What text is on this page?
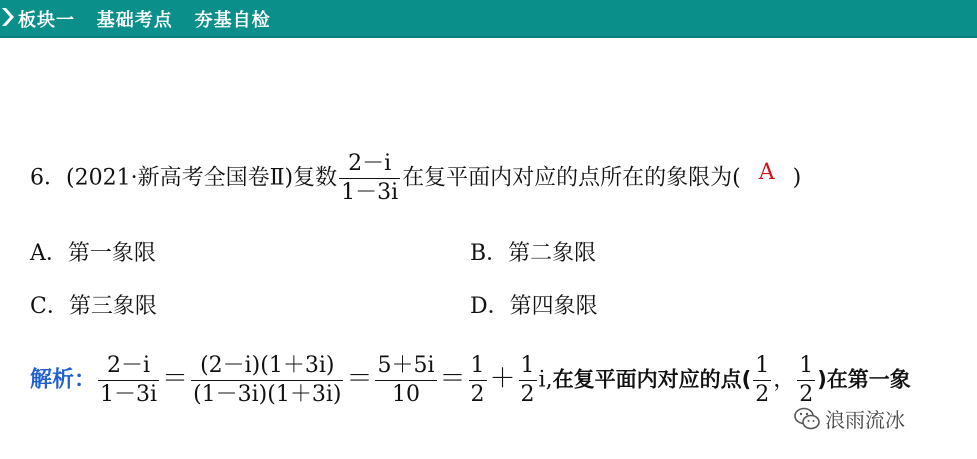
板块一   基础考点   夯基自检
6．(2021·新高考全国卷Ⅱ)复数 $\frac{2-i}{1-3i}$ 在复平面内对应的点所在的象限为( A )
A．第一象限	B．第二象限
C．第三象限	D．第四象限
解析： $\frac{2-i}{1-3i} = \frac{(2-i)(1+3i)}{(1-3i)(1+3i)} = \frac{5+5i}{10} = \frac{1}{2} + \frac{1}{2} i$,在复平面内对应的点( $\frac{1}{2}$ ， $\frac{1}{2}$ )在第一象
浪雨流冰
